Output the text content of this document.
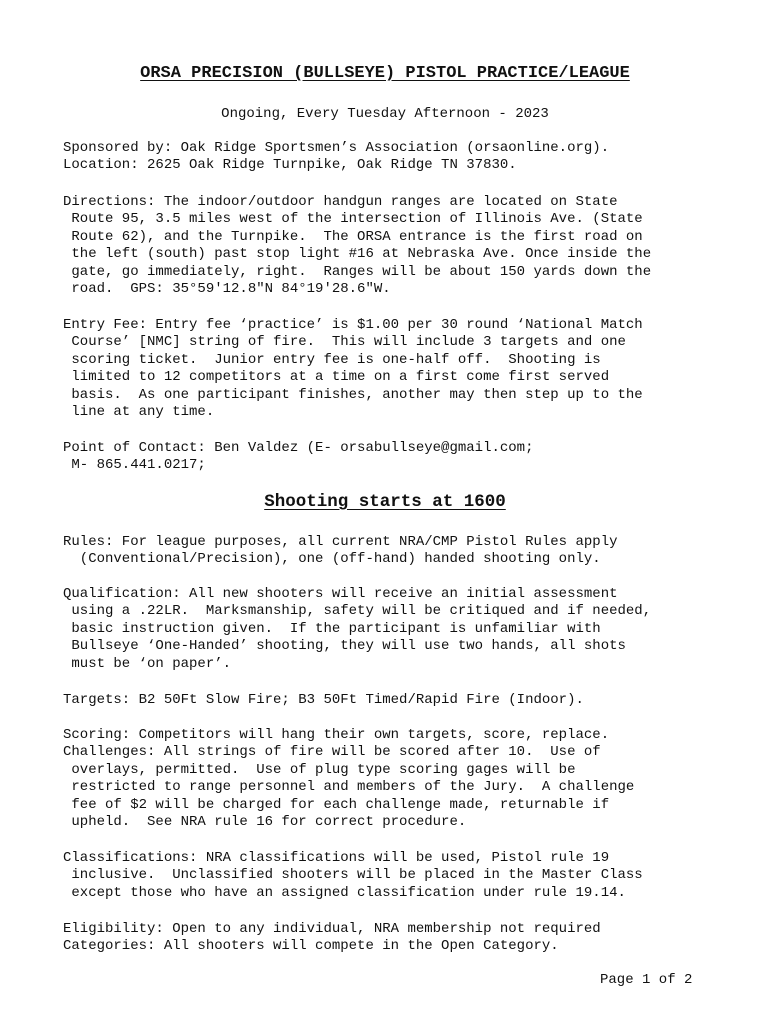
ORSA PRECISION (BULLSEYE) PISTOL PRACTICE/LEAGUE
Ongoing, Every Tuesday Afternoon - 2023
Sponsored by: Oak Ridge Sportsmen’s Association (orsaonline.org).
Location: 2625 Oak Ridge Turnpike, Oak Ridge TN 37830.
Directions: The indoor/outdoor handgun ranges are located on State
Route 95, 3.5 miles west of the intersection of Illinois Ave. (State
Route 62), and the Turnpike.  The ORSA entrance is the first road on
the left (south) past stop light #16 at Nebraska Ave. Once inside the
gate, go immediately, right.  Ranges will be about 150 yards down the
road.  GPS: 35°59'12.8"N 84°19'28.6"W.
Entry Fee: Entry fee ‘practice’ is $1.00 per 30 round ‘National Match
Course’ [NMC] string of fire.  This will include 3 targets and one
scoring ticket.  Junior entry fee is one-half off.  Shooting is
limited to 12 competitors at a time on a first come first served
basis.  As one participant finishes, another may then step up to the
line at any time.
Point of Contact: Ben Valdez (E- orsabullseye@gmail.com;
M- 865.441.0217;
Shooting starts at 1600
Rules: For league purposes, all current NRA/CMP Pistol Rules apply
(Conventional/Precision), one (off-hand) handed shooting only.
Qualification: All new shooters will receive an initial assessment
using a .22LR.  Marksmanship, safety will be critiqued and if needed,
basic instruction given.  If the participant is unfamiliar with
Bullseye ‘One-Handed’ shooting, they will use two hands, all shots
must be ‘on paper’.
Targets: B2 50Ft Slow Fire; B3 50Ft Timed/Rapid Fire (Indoor).
Scoring: Competitors will hang their own targets, score, replace.
Challenges: All strings of fire will be scored after 10.  Use of
overlays, permitted.  Use of plug type scoring gages will be
restricted to range personnel and members of the Jury.  A challenge
fee of $2 will be charged for each challenge made, returnable if
upheld.  See NRA rule 16 for correct procedure.
Classifications: NRA classifications will be used, Pistol rule 19
inclusive.  Unclassified shooters will be placed in the Master Class
except those who have an assigned classification under rule 19.14.
Eligibility: Open to any individual, NRA membership not required
Categories: All shooters will compete in the Open Category.
Page 1 of 2
